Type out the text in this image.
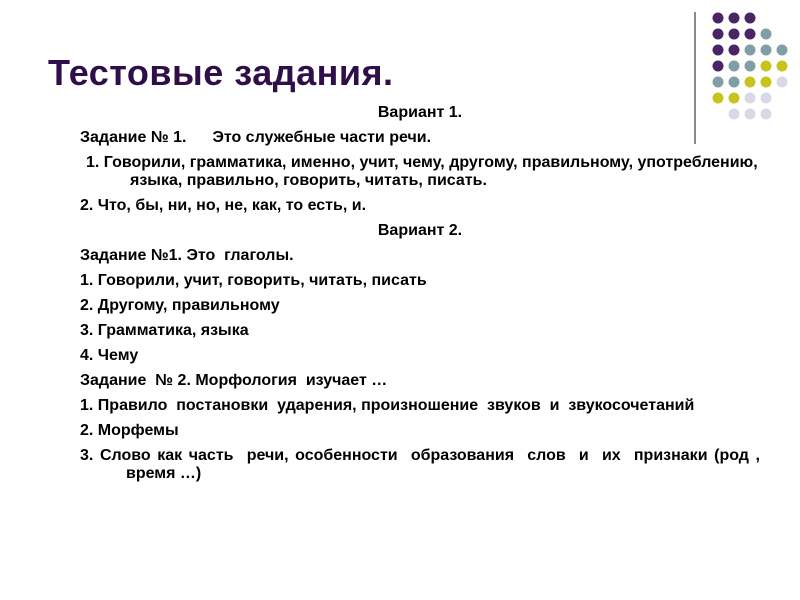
Тестовые задания.
Вариант 1.
Задание № 1. Это служебные части речи.
1. Говорили, грамматика, именно, учит, чему, другому, правильному, употреблению, языка, правильно, говорить, читать, писать.
2. Что, бы, ни, но, не, как, то есть, и.
Вариант 2.
Задание №1. Это  глаголы.
1. Говорили, учит, говорить, читать, писать
2. Другому, правильному
3. Грамматика, языка
4. Чему
Задание  № 2. Морфология  изучает …
1. Правило  постановки  ударения, произношение  звуков  и  звукосочетаний
2. Морфемы
3. Слово как часть  речи, особенности  образования  слов  и  их  признаки (род , время …)
